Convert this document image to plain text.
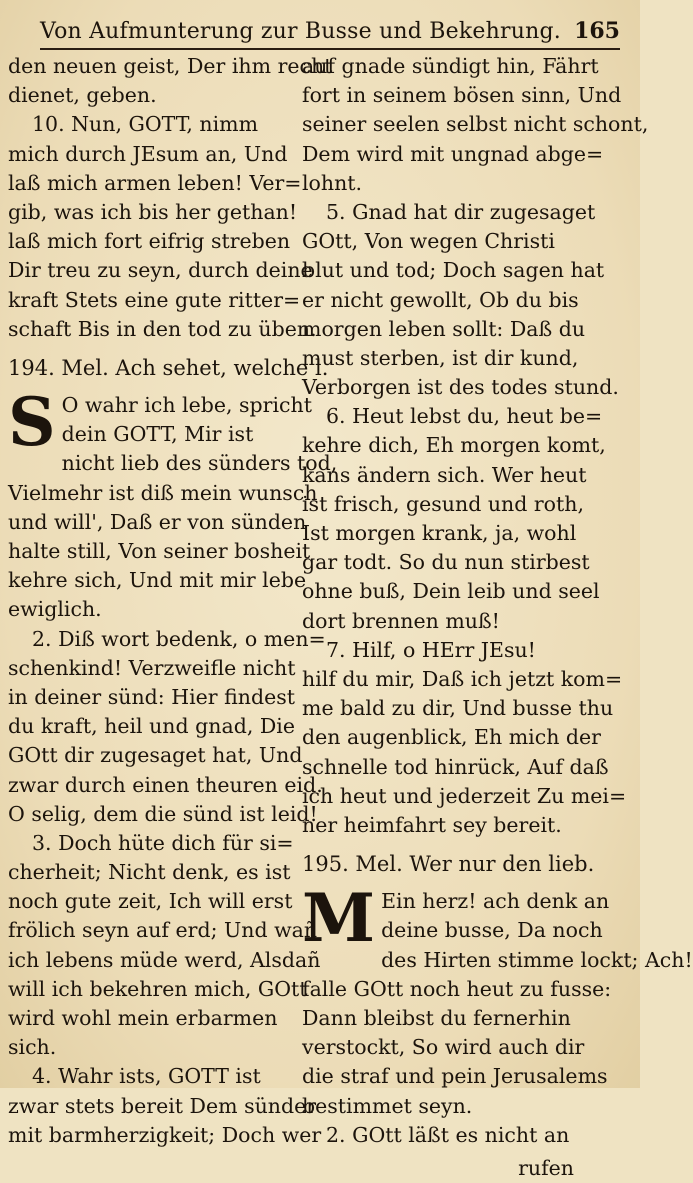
Von Aufmunterung zur Busse und Bekehrung. 165
den neuen geist, Der ihm recht
dienet, geben.
10. Nun, GOTT, nimm
mich durch JEsum an, Und
laß mich armen leben! Ver=
gib, was ich bis her gethan!
laß mich fort eifrig streben
Dir treu zu seyn, durch deine
kraft Stets eine gute ritter=
schaft Bis in den tod zu üben.
194. Mel. Ach sehet, welche l.
S O wahr ich lebe, spricht
dein GOTT, Mir ist
nicht lieb des sünders tod,
Vielmehr ist diß mein wunsch
und will', Daß er von sünden
halte still, Von seiner bosheit
kehre sich, Und mit mir lebe
ewiglich.
2. Diß wort bedenk, o men=
schenkind! Verzweifle nicht
in deiner sünd: Hier findest
du kraft, heil und gnad, Die
GOtt dir zugesaget hat, Und
zwar durch einen theuren eid.
O selig, dem die sünd ist leid!
3. Doch hüte dich für si=
cherheit; Nicht denk, es ist
noch gute zeit, Ich will erst
frölich seyn auf erd; Und wañ
ich lebens müde werd, Alsdañ
will ich bekehren mich, GOtt
wird wohl mein erbarmen
sich.
4. Wahr ists, GOTT ist
zwar stets bereit Dem sünder
mit barmherzigkeit; Doch wer
auf gnade sündigt hin, Fährt
fort in seinem bösen sinn, Und
seiner seelen selbst nicht schont,
Dem wird mit ungnad abge=
lohnt.
5. Gnad hat dir zugesaget
GOtt, Von wegen Christi
blut und tod; Doch sagen hat
er nicht gewollt, Ob du bis
morgen leben sollt: Daß du
must sterben, ist dir kund,
Verborgen ist des todes stund.
6. Heut lebst du, heut be=
kehre dich, Eh morgen komt,
kans ändern sich. Wer heut
ist frisch, gesund und roth,
Ist morgen krank, ja, wohl
gar todt. So du nun stirbest
ohne buß, Dein leib und seel
dort brennen muß!
7. Hilf, o HErr JEsu!
hilf du mir, Daß ich jetzt kom=
me bald zu dir, Und busse thu
den augenblick, Eh mich der
schnelle tod hinrück, Auf daß
ich heut und jederzeit Zu mei=
ner heimfahrt sey bereit.
195. Mel. Wer nur den lieb.
M Ein herz! ach denk an
deine busse, Da noch
des Hirten stimme lockt; Ach!
falle GOtt noch heut zu fusse:
Dann bleibst du fernerhin
verstockt, So wird auch dir
die straf und pein Jerusalems
bestimmet seyn.
2. GOtt läßt es nicht an
rufen
